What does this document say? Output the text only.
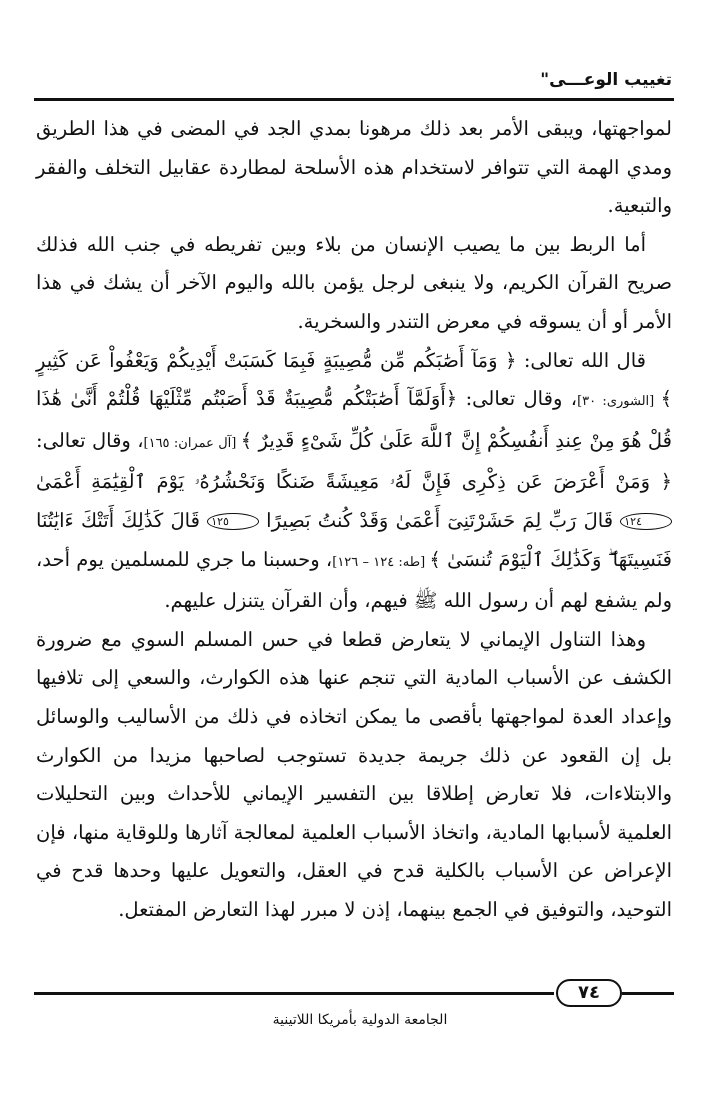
تغييب الوعـــى"

لمواجهتها، ويبقى الأمر بعد ذلك مرهونا بمدي الجد في المضى في هذا الطريق ومدي الهمة التي تتوافر لاستخدام هذه الأسلحة لمطاردة عقابيل التخلف والفقر والتبعية.

أما الربط بين ما يصيب الإنسان من بلاء وبين تفريطه في جنب الله فذلك صريح القرآن الكريم، ولا ينبغى لرجل يؤمن بالله واليوم الآخر أن يشك في هذا الأمر أو أن يسوقه في معرض التندر والسخرية.

قال الله تعالى: ﴿ وَمَآ أَصَٰبَكُم مِّن مُّصِيبَةٍ فَبِمَا كَسَبَتْ أَيْدِيكُمْ وَيَعْفُواْ عَن كَثِيرٍ ﴾ [الشورى: ٣٠]، وقال تعالى: ﴿أَوَلَمَّآ أَصَٰبَتْكُم مُّصِيبَةٌ قَدْ أَصَبْتُم مِّثْلَيْهَا قُلْتُمْ أَنَّىٰ هَٰذَا قُلْ هُوَ مِنْ عِندِ أَنفُسِكُمْ إِنَّ ٱللَّهَ عَلَىٰ كُلِّ شَىْءٍ قَدِيرٌ ﴾ [آل عمران: ١٦٥]، وقال تعالى: ﴿ وَمَنْ أَعْرَضَ عَن ذِكْرِى فَإِنَّ لَهُۥ مَعِيشَةً ضَنكًا وَنَحْشُرُهُۥ يَوْمَ ٱلْقِيَٰمَةِ أَعْمَىٰ ١٢٤ قَالَ رَبِّ لِمَ حَشَرْتَنِىٓ أَعْمَىٰ وَقَدْ كُنتُ بَصِيرًا ١٢٥ قَالَ كَذَٰلِكَ أَتَتْكَ ءَايَٰتُنَا فَنَسِيتَهَا ۖ وَكَذَٰلِكَ ٱلْيَوْمَ تُنسَىٰ ﴾ [طه: ١٢٤ – ١٢٦]، وحسبنا ما جري للمسلمين يوم أحد، ولم يشفع لهم أن رسول الله ﷺ فيهم، وأن القرآن يتنزل عليهم.

وهذا التناول الإيماني لا يتعارض قطعا في حس المسلم السوي مع ضرورة الكشف عن الأسباب المادية التي تنجم عنها هذه الكوارث، والسعي إلى تلافيها وإعداد العدة لمواجهتها بأقصى ما يمكن اتخاذه في ذلك من الأساليب والوسائل بل إن القعود عن ذلك جريمة جديدة تستوجب لصاحبها مزيدا من الكوارث والابتلاءات، فلا تعارض إطلاقا بين التفسير الإيماني للأحداث وبين التحليلات العلمية لأسبابها المادية، واتخاذ الأسباب العلمية لمعالجة آثارها وللوقاية منها، فإن الإعراض عن الأسباب بالكلية قدح في العقل، والتعويل عليها وحدها قدح في التوحيد، والتوفيق في الجمع بينهما، إذن لا مبرر لهذا التعارض المفتعل.

٧٤
الجامعة الدولية بأمريكا اللاتينية
